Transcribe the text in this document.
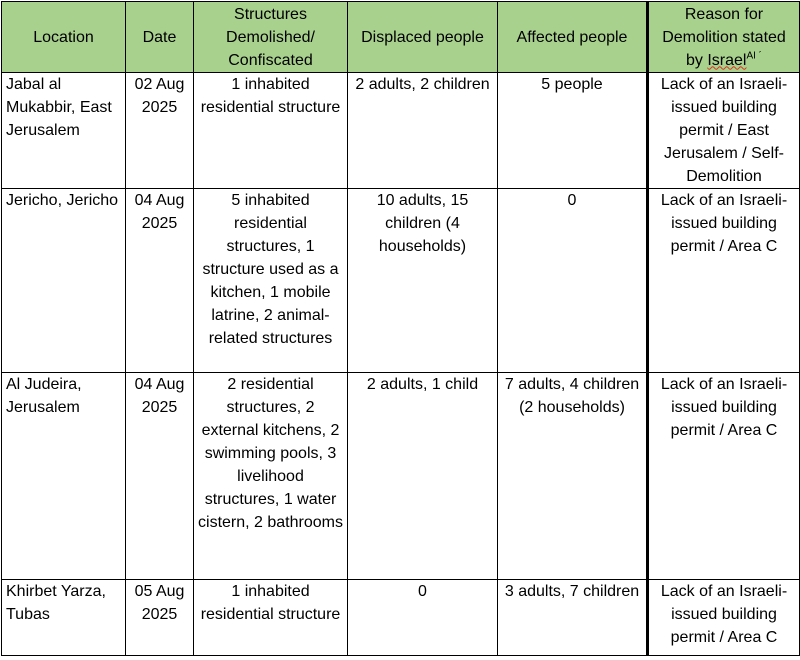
Location	Date	Structures Demolished/ Confiscated	Displaced people	Affected people	Reason for Demolition stated by Israel$^{AI ´}$
Jabal al Mukabbir, East Jerusalem	02 Aug 2025	1 inhabited residential structure	2 adults, 2 children	5 people	Lack of an Israeli-issued building permit / East Jerusalem / Self-Demolition
Jericho, Jericho	04 Aug 2025	5 inhabited residential structures, 1 structure used as a kitchen, 1 mobile latrine, 2 animal-related structures	10 adults, 15 children (4 households)	0	Lack of an Israeli-issued building permit / Area C
Al Judeira, Jerusalem	04 Aug 2025	2 residential structures, 2 external kitchens, 2 swimming pools, 3 livelihood structures, 1 water cistern, 2 bathrooms	2 adults, 1 child	7 adults, 4 children (2 households)	Lack of an Israeli-issued building permit / Area C
Khirbet Yarza, Tubas	05 Aug 2025	1 inhabited residential structure	0	3 adults, 7 children	Lack of an Israeli-issued building permit / Area C
